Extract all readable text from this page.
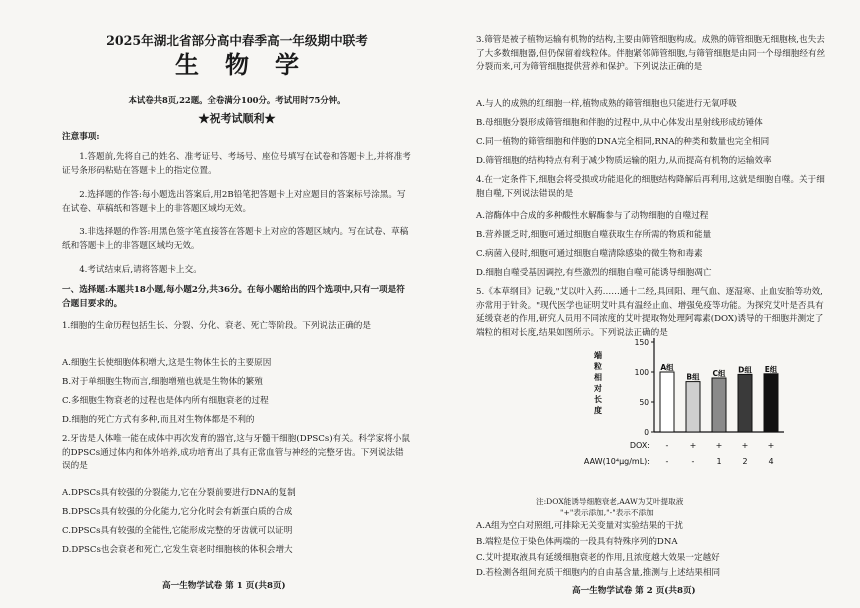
2025年湖北省部分高中春季高一年级期中联考
生物学
本试卷共8页,22题。全卷满分100分。考试用时75分钟。
★祝考试顺利★
注意事项:
1.答题前,先将自己的姓名、准考证号、考场号、座位号填写在试卷和答题卡上,并将准考证号条形码粘贴在答题卡上的指定位置。
2.选择题的作答:每小题选出答案后,用2B铅笔把答题卡上对应题目的答案标号涂黑。写在试卷、草稿纸和答题卡上的非答题区域均无效。
3.非选择题的作答:用黑色签字笔直接答在答题卡上对应的答题区域内。写在试卷、草稿纸和答题卡上的非答题区域均无效。
4.考试结束后,请将答题卡上交。
一、选择题:本题共18小题,每小题2分,共36分。在每小题给出的四个选项中,只有一项是符合题目要求的。
1.细胞的生命历程包括生长、分裂、分化、衰老、死亡等阶段。下列说法正确的是
A.细胞生长使细胞体积增大,这是生物体生长的主要原因
B.对于单细胞生物而言,细胞增殖也就是生物体的繁殖
C.多细胞生物衰老的过程也是体内所有细胞衰老的过程
D.细胞的死亡方式有多种,而且对生物体都是不利的
2.牙齿是人体唯一能在成体中再次发育的器官,这与牙髓干细胞(DPSCs)有关。科学家将小鼠的DPSCs通过体内和体外培养,成功培育出了具有正常血管与神经的完整牙齿。下列说法错误的是
A.DPSCs具有较强的分裂能力,它在分裂前要进行DNA的复制
B.DPSCs具有较强的分化能力,它分化时会有新蛋白质的合成
C.DPSCs具有较强的全能性,它能形成完整的牙齿就可以证明
D.DPSCs也会衰老和死亡,它发生衰老时细胞核的体积会增大
高一生物学试卷 第 1 页(共8页)
3.筛管是被子植物运输有机物的结构,主要由筛管细胞构成。成熟的筛管细胞无细胞核,也失去了大多数细胞器,但仍保留着线粒体。伴胞紧邻筛管细胞,与筛管细胞是由同一个母细胞经有丝分裂而来,可为筛管细胞提供营养和保护。下列说法正确的是
A.与人的成熟的红细胞一样,植物成熟的筛管细胞也只能进行无氧呼吸
B.母细胞分裂形成筛管细胞和伴胞的过程中,从中心体发出星射线形成纺锤体
C.同一植物的筛管细胞和伴胞的DNA完全相同,RNA的种类和数量也完全相同
D.筛管细胞的结构特点有利于减少物质运输的阻力,从而提高有机物的运输效率
4.在一定条件下,细胞会将受损或功能退化的细胞结构降解后再利用,这就是细胞自噬。关于细胞自噬,下列说法错误的是
A.溶酶体中合成的多种酸性水解酶参与了动物细胞的自噬过程
B.营养匮乏时,细胞可通过细胞自噬获取生存所需的物质和能量
C.病菌入侵时,细胞可通过细胞自噬清除感染的微生物和毒素
D.细胞自噬受基因调控,有些激烈的细胞自噬可能诱导细胞凋亡
5.《本草纲目》记载,"艾以叶入药……通十二经,具回阳、理气血、逐湿寒、止血安胎等功效,亦常用于针灸。"现代医学也证明艾叶具有温经止血、增强免疫等功能。为探究艾叶是否具有延缓衰老的作用,研究人员用不同浓度的艾叶提取物处理阿霉素(DOX)诱导的干细胞并测定了端粒的相对长度,结果如图所示。下列说法正确的是
0
50
100
150
端
粒
相
对
长
度
A组
-
-
B组
+
-
C组
+
1
D组
+
2
E组
+
4
DOX:
AAW(10⁴μg/mL):
注:DOX能诱导细胞衰老,AAW为艾叶提取液
"+"表示添加,"-"表示不添加
A.A组为空白对照组,可排除无关变量对实验结果的干扰
B.端粒是位于染色体两端的一段具有特殊序列的DNA
C.艾叶提取液具有延缓细胞衰老的作用,且浓度越大效果一定越好
D.若检测各组间充质干细胞内的自由基含量,推测与上述结果相同
高一生物学试卷 第 2 页(共8页)
